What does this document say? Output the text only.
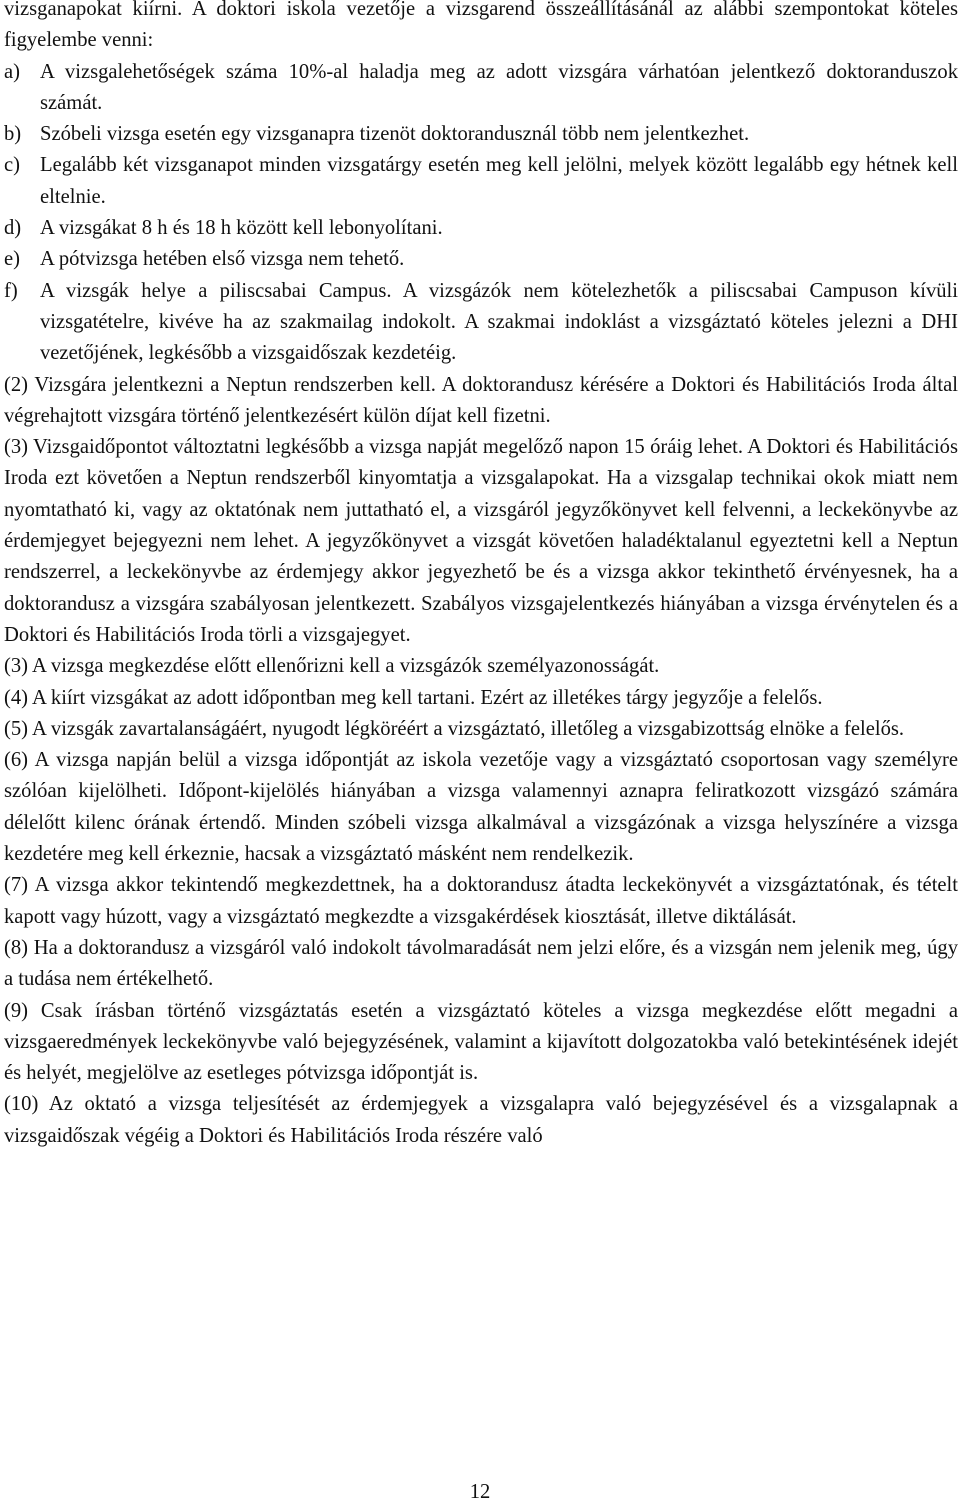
vizsganapokat kiírni. A doktori iskola vezetője a vizsgarend összeállításánál az alábbi szempontokat köteles figyelembe venni:

a) A vizsgalehetőségek száma 10%-al haladja meg az adott vizsgára várhatóan jelentkező doktoranduszok számát.
b) Szóbeli vizsga esetén egy vizsganapra tizenöt doktorandusznál több nem jelentkezhet.
c) Legalább két vizsganapot minden vizsgatárgy esetén meg kell jelölni, melyek között legalább egy hétnek kell eltelnie.
d) A vizsgákat 8 h és 18 h között kell lebonyolítani.
e) A pótvizsga hetében első vizsga nem tehető.
f) A vizsgák helye a piliscsabai Campus. A vizsgázók nem kötelezhetők a piliscsabai Campuson kívüli vizsgatételre, kivéve ha az szakmailag indokolt. A szakmai indoklást a vizsgáztató köteles jelezni a DHI vezetőjének, legkésőbb a vizsgaidőszak kezdetéig.

(2) Vizsgára jelentkezni a Neptun rendszerben kell. A doktorandusz kérésére a Doktori és Habilitációs Iroda által végrehajtott vizsgára történő jelentkezésért külön díjat kell fizetni.

(3) Vizsgaidőpontot változtatni legkésőbb a vizsga napját megelőző napon 15 óráig lehet. A Doktori és Habilitációs Iroda ezt követően a Neptun rendszerből kinyomtatja a vizsgalapokat. Ha a vizsgalap technikai okok miatt nem nyomtatható ki, vagy az oktatónak nem juttatható el, a vizsgáról jegyzőkönyvet kell felvenni, a leckekönyvbe az érdemjegyet bejegyezni nem lehet. A jegyzőkönyvet a vizsgát követően haladéktalanul egyeztetni kell a Neptun rendszerrel, a leckekönyvbe az érdemjegy akkor jegyezhető be és a vizsga akkor tekinthető érvényesnek, ha a doktorandusz a vizsgára szabályosan jelentkezett. Szabályos vizsgajelentkezés hiányában a vizsga érvénytelen és a Doktori és Habilitációs Iroda törli a vizsgajegyet.

(3) A vizsga megkezdése előtt ellenőrizni kell a vizsgázók személyazonosságát.

(4) A kiírt vizsgákat az adott időpontban meg kell tartani. Ezért az illetékes tárgy jegyzője a felelős.

(5) A vizsgák zavartalanságáért, nyugodt légköréért a vizsgáztató, illetőleg a vizsgabizottság elnöke a felelős.

(6) A vizsga napján belül a vizsga időpontját az iskola vezetője vagy a vizsgáztató csoportosan vagy személyre szólóan kijelölheti. Időpont-kijelölés hiányában a vizsga valamennyi aznapra feliratkozott vizsgázó számára délelőtt kilenc órának értendő. Minden szóbeli vizsga alkalmával a vizsgázónak a vizsga helyszínére a vizsga kezdetére meg kell érkeznie, hacsak a vizsgáztató másként nem rendelkezik.

(7) A vizsga akkor tekintendő megkezdettnek, ha a doktorandusz átadta leckekönyvét a vizsgáztatónak, és tételt kapott vagy húzott, vagy a vizsgáztató megkezdte a vizsgakérdések kiosztását, illetve diktálását.

(8) Ha a doktorandusz a vizsgáról való indokolt távolmaradását nem jelzi előre, és a vizsgán nem jelenik meg, úgy a tudása nem értékelhető.

(9) Csak írásban történő vizsgáztatás esetén a vizsgáztató köteles a vizsga megkezdése előtt megadni a vizsgaeredmények leckekönyvbe való bejegyzésének, valamint a kijavított dolgozatokba való betekintésének idejét és helyét, megjelölve az esetleges pótvizsga időpontját is.

(10) Az oktató a vizsga teljesítését az érdemjegyek a vizsgalapra való bejegyzésével és a vizsgalapnak a vizsgaidőszak végéig a Doktori és Habilitációs Iroda részére való

12
